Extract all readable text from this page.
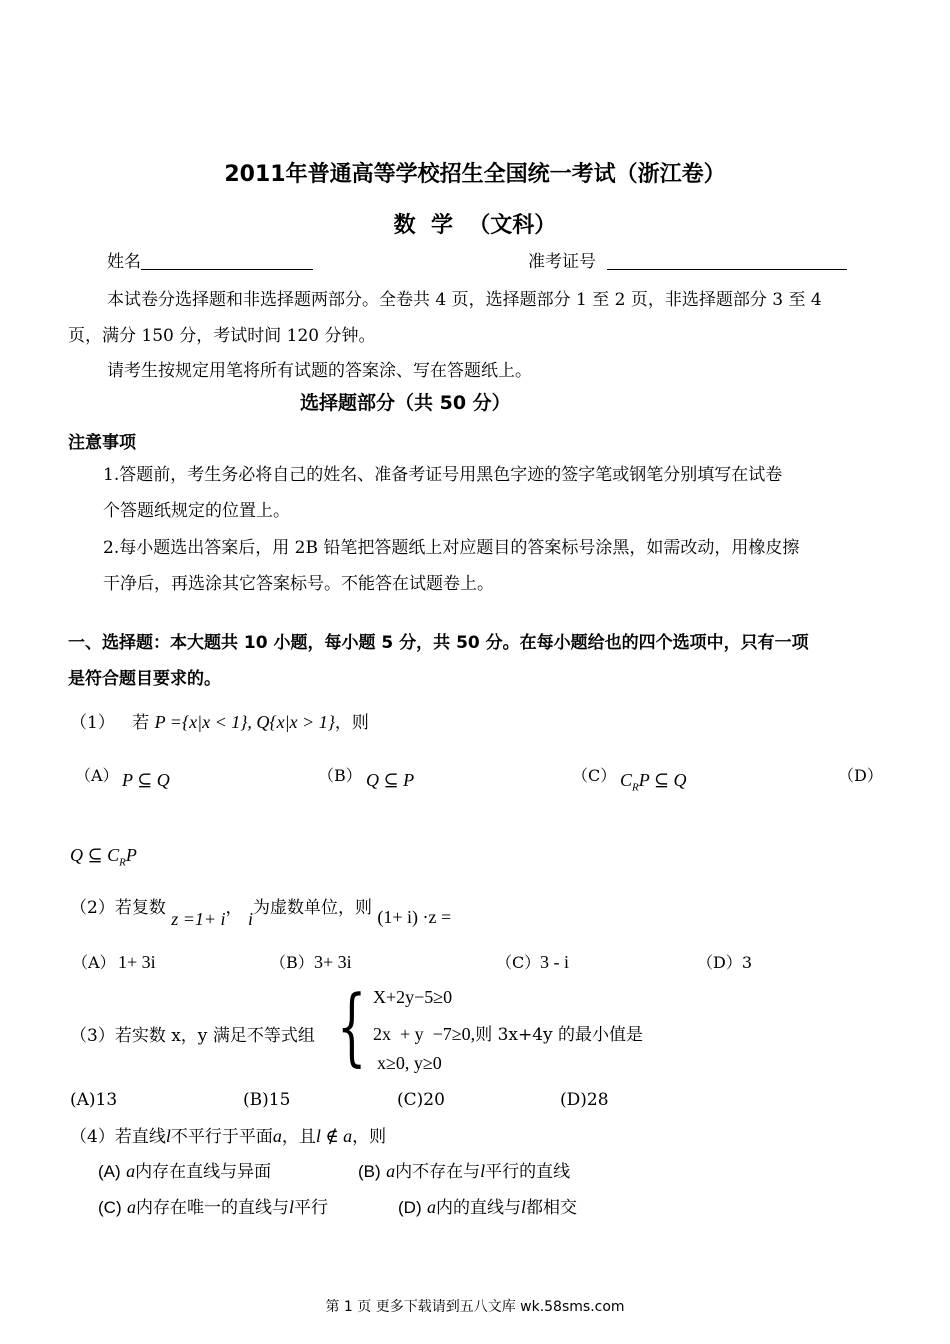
2011年普通高等学校招生全国统一考试（浙江卷）
数  学  （文科）
姓名	准考证号
本试卷分选择题和非选择题两部分。全卷共 4 页，选择题部分 1 至 2 页，非选择题部分 3 至 4
页，满分 150 分，考试时间 120 分钟。
请考生按规定用笔将所有试题的答案涂、写在答题纸上。
选择题部分（共 50 分）
注意事项
1.答题前，考生务必将自己的姓名、准备考证号用黑色字迹的签字笔或钢笔分别填写在试卷
个答题纸规定的位置上。
2.每小题选出答案后，用 2B 铅笔把答题纸上对应题目的答案标号涂黑，如需改动，用橡皮擦
干净后，再选涂其它答案标号。不能答在试题卷上。
一、选择题：本大题共 10 小题，每小题 5 分，共 50 分。在每小题给也的四个选项中，只有一项
是符合题目要求的。
（1） 若 P ={x|x < 1}, Q{x|x > 1}，则
（A） P ⊆ Q	（B） Q ⊆ P	（C） $C_RP$ ⊆ Q	（D）
Q ⊆ $C_RP$
（2）若复数 z =1+ i， i为虚数单位，则 (1+ i) ·z =
（A） 1+ 3i	（B） 3+ 3i	（C） 3 - i	（D）3
（3）若实数 x，y 满足不等式组 { X+2y−5≥0
2x  + y  −7≥0,则 3x+4y 的最小值是
x≥0, y≥0
(A)13	(B)15	(C)20	(D)28
（4）若直线l不平行于平面a，且l ∉ a，则
(A) a内存在直线与异面	(B) a内不存在与l平行的直线
(C) a内存在唯一的直线与l平行	(D) a内的直线与l都相交
第 1 页 更多下载请到五八文库 wk.58sms.com
